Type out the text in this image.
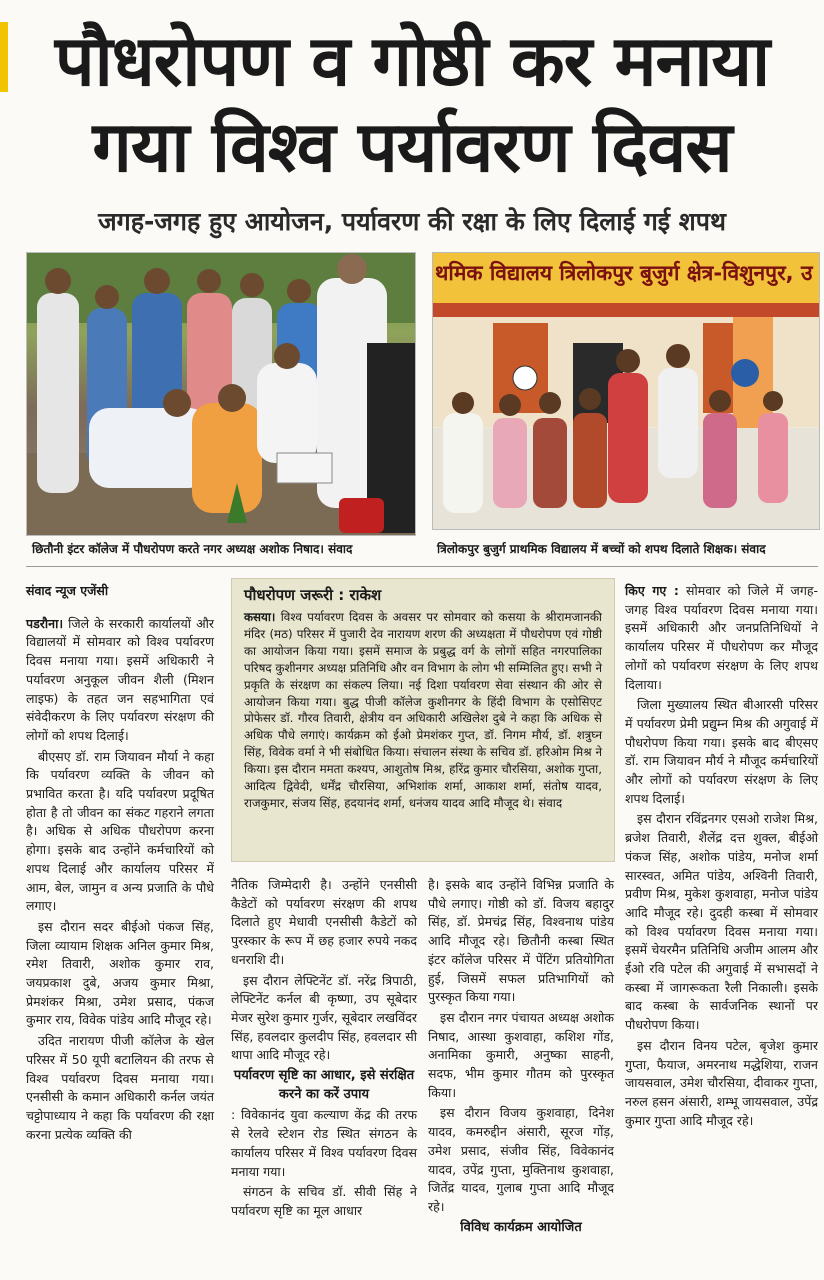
पौधरोपण व गोष्ठी कर मनाया
गया विश्व पर्यावरण दिवस
जगह-जगह हुए आयोजन, पर्यावरण की रक्षा के लिए दिलाई गई शपथ
छितौनी इंटर कॉलेज में पौधरोपण करते नगर अध्यक्ष अशोक निषाद। संवाद
थमिक विद्यालय त्रिलोकपुर बुजुर्ग क्षेत्र-विशुनपुर, उ
त्रिलोकपुर बुजुर्ग प्राथमिक विद्यालय में बच्चों को शपथ दिलाते शिक्षक। संवाद

संवाद न्यूज एजेंसी

पडरौना। जिले के सरकारी कार्यालयों और विद्यालयों में सोमवार को विश्व पर्यावरण दिवस मनाया गया। इसमें अधिकारी ने पर्यावरण अनुकूल जीवन शैली (मिशन लाइफ) के तहत जन सहभागिता एवं संवेदीकरण के लिए पर्यावरण संरक्षण की लोगों को शपथ दिलाई।

बीएसए डॉ. राम जियावन मौर्या ने कहा कि पर्यावरण व्यक्ति के जीवन को प्रभावित करता है। यदि पर्यावरण प्रदूषित होता है तो जीवन का संकट गहराने लगता है। अधिक से अधिक पौधरोपण करना होगा। इसके बाद उन्होंने कर्मचारियों को शपथ दिलाई और कार्यालय परिसर में आम, बेल, जामुन व अन्य प्रजाति के पौधे लगाए।

इस दौरान सदर बीईओ पंकज सिंह, जिला व्यायाम शिक्षक अनिल कुमार मिश्र, रमेश तिवारी, अशोक कुमार राव, जयप्रकाश दुबे, अजय कुमार मिश्रा, प्रेमशंकर मिश्रा, उमेश प्रसाद, पंकज कुमार राय, विवेक पांडेय आदि मौजूद रहे।

उदित नारायण पीजी कॉलेज के खेल परिसर में 50 यूपी बटालियन की तरफ से विश्व पर्यावरण दिवस मनाया गया। एनसीसी के कमान अधिकारी कर्नल जयंत चट्टोपाध्याय ने कहा कि पर्यावरण की रक्षा करना प्रत्येक व्यक्ति की

पौधरोपण जरूरी : राकेश
कसया। विश्व पर्यावरण दिवस के अवसर पर सोमवार को कसया के श्रीरामजानकी मंदिर (मठ) परिसर में पुजारी देव नारायण शरण की अध्यक्षता में पौधरोपण एवं गोष्ठी का आयोजन किया गया। इसमें समाज के प्रबुद्ध वर्ग के लोगों सहित नगरपालिका परिषद कुशीनगर अध्यक्ष प्रतिनिधि और वन विभाग के लोग भी सम्मिलित हुए। सभी ने प्रकृति के संरक्षण का संकल्प लिया। नई दिशा पर्यावरण सेवा संस्थान की ओर से आयोजन किया गया। बुद्ध पीजी कॉलेज कुशीनगर के हिंदी विभाग के एसोसिएट प्रोफेसर डॉ. गौरव तिवारी, क्षेत्रीय वन अधिकारी अखिलेश दुबे ने कहा कि अधिक से अधिक पौधे लगाएं। कार्यक्रम को ईओ प्रेमशंकर गुप्त, डॉ. निगम मौर्य, डॉ. शत्रुघ्न सिंह, विवेक वर्मा ने भी संबोधित किया। संचालन संस्था के सचिव डॉ. हरिओम मिश्र ने किया। इस दौरान ममता कश्यप, आशुतोष मिश्र, हरिंद्र कुमार चौरसिया, अशोक गुप्ता, आदित्य द्विवेदी, धर्मेंद्र चौरसिया, अभिशांक शर्मा, आकाश शर्मा, संतोष यादव, राजकुमार, संजय सिंह, हदयानंद शर्मा, धनंजय यादव आदि मौजूद थे। संवाद

नैतिक जिम्मेदारी है। उन्होंने एनसीसी कैडेटों को पर्यावरण संरक्षण की शपथ दिलाते हुए मेधावी एनसीसी कैडेटों को पुरस्कार के रूप में छह हजार रुपये नकद धनराशि दी।

इस दौरान लेफ्टिनेंट डॉ. नरेंद्र त्रिपाठी, लेफ्टिनेंट कर्नल बी कृष्णा, उप सूबेदार मेजर सुरेश कुमार गुर्जर, सूबेदार लखविंदर सिंह, हवलदार कुलदीप सिंह, हवलदार सी थापा आदि मौजूद रहे।

पर्यावरण सृष्टि का आधार, इसे संरक्षित करने का करें उपाय

: विवेकानंद युवा कल्याण केंद्र की तरफ से रेलवे स्टेशन रोड स्थित संगठन के कार्यालय परिसर में विश्व पर्यावरण दिवस मनाया गया।

संगठन के सचिव डॉ. सीवी सिंह ने पर्यावरण सृष्टि का मूल आधार

है। इसके बाद उन्होंने विभिन्न प्रजाति के पौधे लगाए। गोष्ठी को डॉ. विजय बहादुर सिंह, डॉ. प्रेमचंद्र सिंह, विश्वनाथ पांडेय आदि मौजूद रहे। छितौनी कस्बा स्थित इंटर कॉलेज परिसर में पेंटिंग प्रतियोगिता हुई, जिसमें सफल प्रतिभागियों को पुरस्कृत किया गया।

इस दौरान नगर पंचायत अध्यक्ष अशोक निषाद, आस्था कुशवाहा, कशिश गोंड, अनामिका कुमारी, अनुष्का साहनी, सदफ, भीम कुमार गौतम को पुरस्कृत किया।

इस दौरान विजय कुशवाहा, दिनेश यादव, कमरुद्दीन अंसारी, सूरज गोंड़, उमेश प्रसाद, संजीव सिंह, विवेकानंद यादव, उपेंद्र गुप्ता, मुक्तिनाथ कुशवाहा, जितेंद्र यादव, गुलाब गुप्ता आदि मौजूद रहे।

विविध कार्यक्रम आयोजित

किए गए : सोमवार को जिले में जगह-जगह विश्व पर्यावरण दिवस मनाया गया। इसमें अधिकारी और जनप्रतिनिधियों ने कार्यालय परिसर में पौधरोपण कर मौजूद लोगों को पर्यावरण संरक्षण के लिए शपथ दिलाया।

जिला मुख्यालय स्थित बीआरसी परिसर में पर्यावरण प्रेमी प्रद्युम्न मिश्र की अगुवाई में पौधरोपण किया गया। इसके बाद बीएसए डॉ. राम जियावन मौर्य ने मौजूद कर्मचारियों और लोगों को पर्यावरण संरक्षण के लिए शपथ दिलाई।

इस दौरान रविंद्रनगर एसओ राजेश मिश्र, ब्रजेश तिवारी, शैलेंद्र दत्त शुक्ल, बीईओ पंकज सिंह, अशोक पांडेय, मनोज शर्मा सारस्वत, अमित पांडेय, अश्विनी तिवारी, प्रवीण मिश्र, मुकेश कुशवाहा, मनोज पांडेय आदि मौजूद रहे। दुदही कस्बा में सोमवार को विश्व पर्यावरण दिवस मनाया गया। इसमें चेयरमैन प्रतिनिधि अजीम आलम और ईओ रवि पटेल की अगुवाई में सभासदों ने कस्बा में जागरूकता रैली निकाली। इसके बाद कस्बा के सार्वजनिक स्थानों पर पौधरोपण किया।

इस दौरान विनय पटेल, बृजेश कुमार गुप्ता, फैयाज, अमरनाथ मद्धेशिया, राजन जायसवाल, उमेश चौरसिया, दीवाकर गुप्ता, नरुल हसन अंसारी, शम्भू जायसवाल, उपेंद्र कुमार गुप्ता आदि मौजूद रहे।
